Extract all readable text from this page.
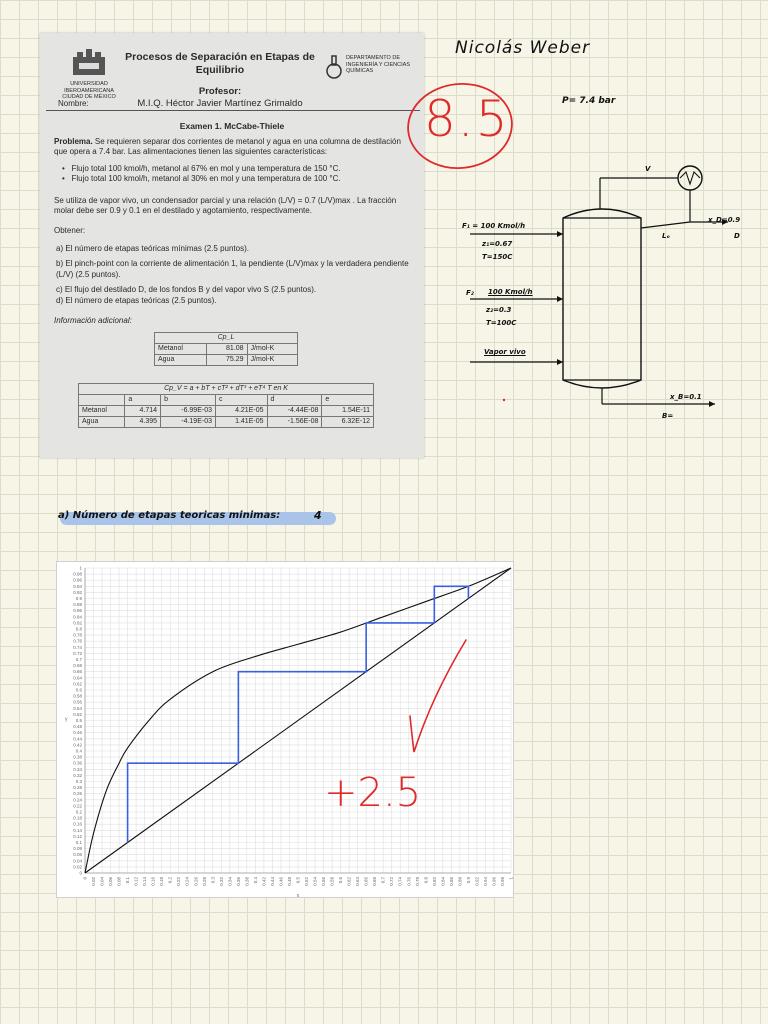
UNIVERSIDAD IBEROAMERICANA
CIUDAD DE MÉXICO
Procesos de Separación en Etapas de Equilibrio
Profesor:
M.I.Q. Héctor Javier Martínez Grimaldo
DEPARTAMENTO DE INGENIERÍA Y CIENCIAS QUÍMICAS
Nombre:
Examen 1. McCabe-Thiele
Problema. Se requieren separar dos corrientes de metanol y agua en una columna de destilación que opera a 7.4 bar. Las alimentaciones tienen las siguientes características:
•   Flujo total 100 kmol/h, metanol al 67% en mol y una temperatura de 150 °C.
•   Flujo total 100 kmol/h, metanol al 30% en mol y una temperatura de 100 °C.
Se utiliza de vapor vivo, un condensador parcial y una relación (L/V) = 0.7 (L/V)max . La fracción molar debe ser 0.9 y 0.1 en el destilado y agotamiento, respectivamente.
Obtener:
a) El número de etapas teóricas mínimas (2.5 puntos).
b) El pinch-point con la corriente de alimentación 1, la pendiente (L/V)max y la verdadera pendiente (L/V) (2.5 puntos).
c) El flujo del destilado D, de los fondos B y del vapor vivo S (2.5 puntos).
d) El número de etapas teóricas (2.5 puntos).
Información adicional:
Cp_L		
Metanol	81.08	J/mol-K
Agua	75.29	J/mol-K
Cp_V = a + bT + cT² + dT³ + eT⁴ T en K					
	a	b	c	d	e
Metanol	4.714	-6.99E-03	4.21E-05	-4.44E-08	1.54E-11
Agua	4.395	-4.19E-03	1.41E-05	-1.56E-08	6.32E-12
Nicolás Weber
8.5	P= 7.4 bar
V
F₁ = 100 Kmol/h
z₁=0.67
T=150C
x_D=0.9
Lₒ	D
F₂ 100 Kmol/h
z₂=0.3
T=100C
Vapor vivo
x_B=0.1
B=
a) Número de etapas teoricas minimas:	4
0 0.02 0.04 0.06 0.08 0.1 0.12 0.14 0.16 0.18 0.2 0.22 0.24 0.26 0.28 0.3 0.32 0.34 0.36 0.38 0.4 0.42 0.44 0.46 0.48 0.5 0.52 0.54 0.56 0.58 0.6 0.62 0.64 0.66 0.68 0.7 0.72 0.74 0.76 0.78 0.8 0.82 0.84 0.86 0.88 0.9 0.92 0.94 0.96 0.98 1
0
0.02
0.04
0.06
0.08
0.1
0.12
0.14
0.16
0.18
0.2
0.22
0.24
0.26
0.28
0.3
0.32
0.34
0.36
0.38
0.4
0.42
0.44
0.46
0.48
0.5
0.52
0.54
0.56
0.58
0.6
0.62
0.64
0.66
0.68
0.7
0.72
0.74
0.76
0.78
0.8
0.82
0.84
0.86
0.88
0.9
0.92
0.94
0.96
0.98
1
x
y
+2.5
